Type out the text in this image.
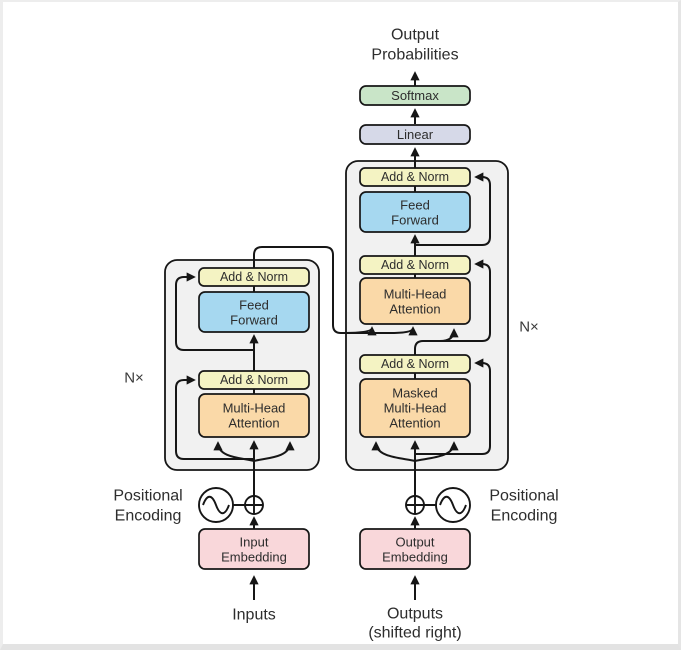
Output
Probabilities
Softmax
Linear
Add & Norm
Feed
Forward
Add & Norm
Multi-Head
Attention
Add & Norm
Masked
Multi-Head
Attention
Add & Norm
Feed
Forward
Add & Norm
Multi-Head
Attention
N×
N×
Positional
Encoding
Positional
Encoding
Input
Embedding
Output
Embedding
Inputs	Outputs
(shifted right)
